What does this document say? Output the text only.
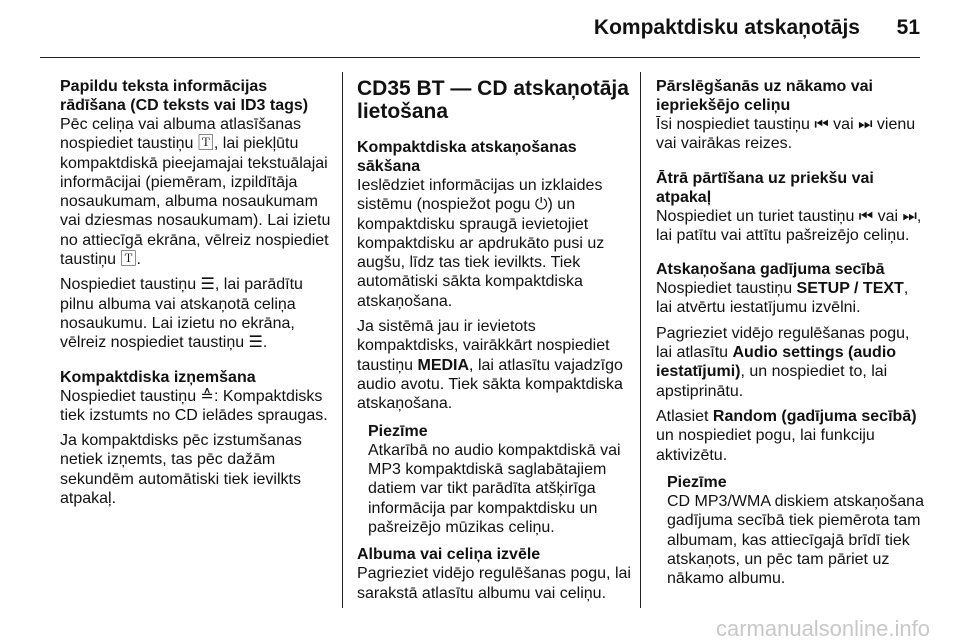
Kompaktdisku atskaņotājs	51
Papildu teksta informācijas rādīšana (CD teksts vai ID3 tags)

Pēc celiņa vai albuma atlasīšanas nospiediet taustiņu 🅃, lai piekļūtu kompaktdiskā pieejamajai tekstuālajai informācijai (piemēram, izpildītāja nosaukumam, albuma nosaukumam vai dziesmas nosaukumam). Lai izietu no attiecīgā ekrāna, vēlreiz nospiediet taustiņu 🅃.

Nospiediet taustiņu ☰, lai parādītu pilnu albuma vai atskaņotā celiņa nosaukumu. Lai izietu no ekrāna, vēlreiz nospiediet taustiņu ☰.

Kompaktdiska izņemšana

Nospiediet taustiņu ≙: Kompaktdisks tiek izstumts no CD ielādes spraugas.

Ja kompaktdisks pēc izstumšanas netiek izņemts, tas pēc dažām sekundēm automātiski tiek ievilkts atpakaļ.

CD35 BT — CD atskaņotāja lietošana
Kompaktdiska atskaņošanas sākšana

Ieslēdziet informācijas un izklaides sistēmu (nospiežot pogu ⏻) un kompaktdisku spraugā ievietojiet kompaktdisku ar apdrukāto pusi uz augšu, līdz tas tiek ievilkts. Tiek automātiski sākta kompaktdiska atskaņošana.

Ja sistēmā jau ir ievietots kompaktdisks, vairākkārt nospiediet taustiņu MEDIA, lai atlasītu vajadzīgo audio avotu. Tiek sākta kompaktdiska atskaņošana.

Piezīme
Atkarībā no audio kompaktdiskā vai MP3 kompaktdiskā saglabātajiem datiem var tikt parādīta atšķirīga informācija par kompaktdisku un pašreizējo mūzikas celiņu.
Albuma vai celiņa izvēle

Pagrieziet vidējo regulēšanas pogu, lai sarakstā atlasītu albumu vai celiņu.

Pārslēgšanās uz nākamo vai iepriekšējo celiņu

Īsi nospiediet taustiņu ⏮ vai ⏭ vienu vai vairākas reizes.

Ātrā pārtīšana uz priekšu vai atpakaļ

Nospiediet un turiet taustiņu ⏮ vai ⏭, lai patītu vai attītu pašreizējo celiņu.

Atskaņošana gadījuma secībā

Nospiediet taustiņu SETUP / TEXT, lai atvērtu iestatījumu izvēlni.

Pagrieziet vidējo regulēšanas pogu, lai atlasītu Audio settings (audio iestatījumi), un nospiediet to, lai apstiprinātu.

Atlasiet Random (gadījuma secībā) un nospiediet pogu, lai funkciju aktivizētu.

Piezīme
CD MP3/WMA diskiem atskaņošana gadījuma secībā tiek piemērota tam albumam, kas attiecīgajā brīdī tiek atskaņots, un pēc tam pāriet uz nākamo albumu.
carmanualsonline.info
